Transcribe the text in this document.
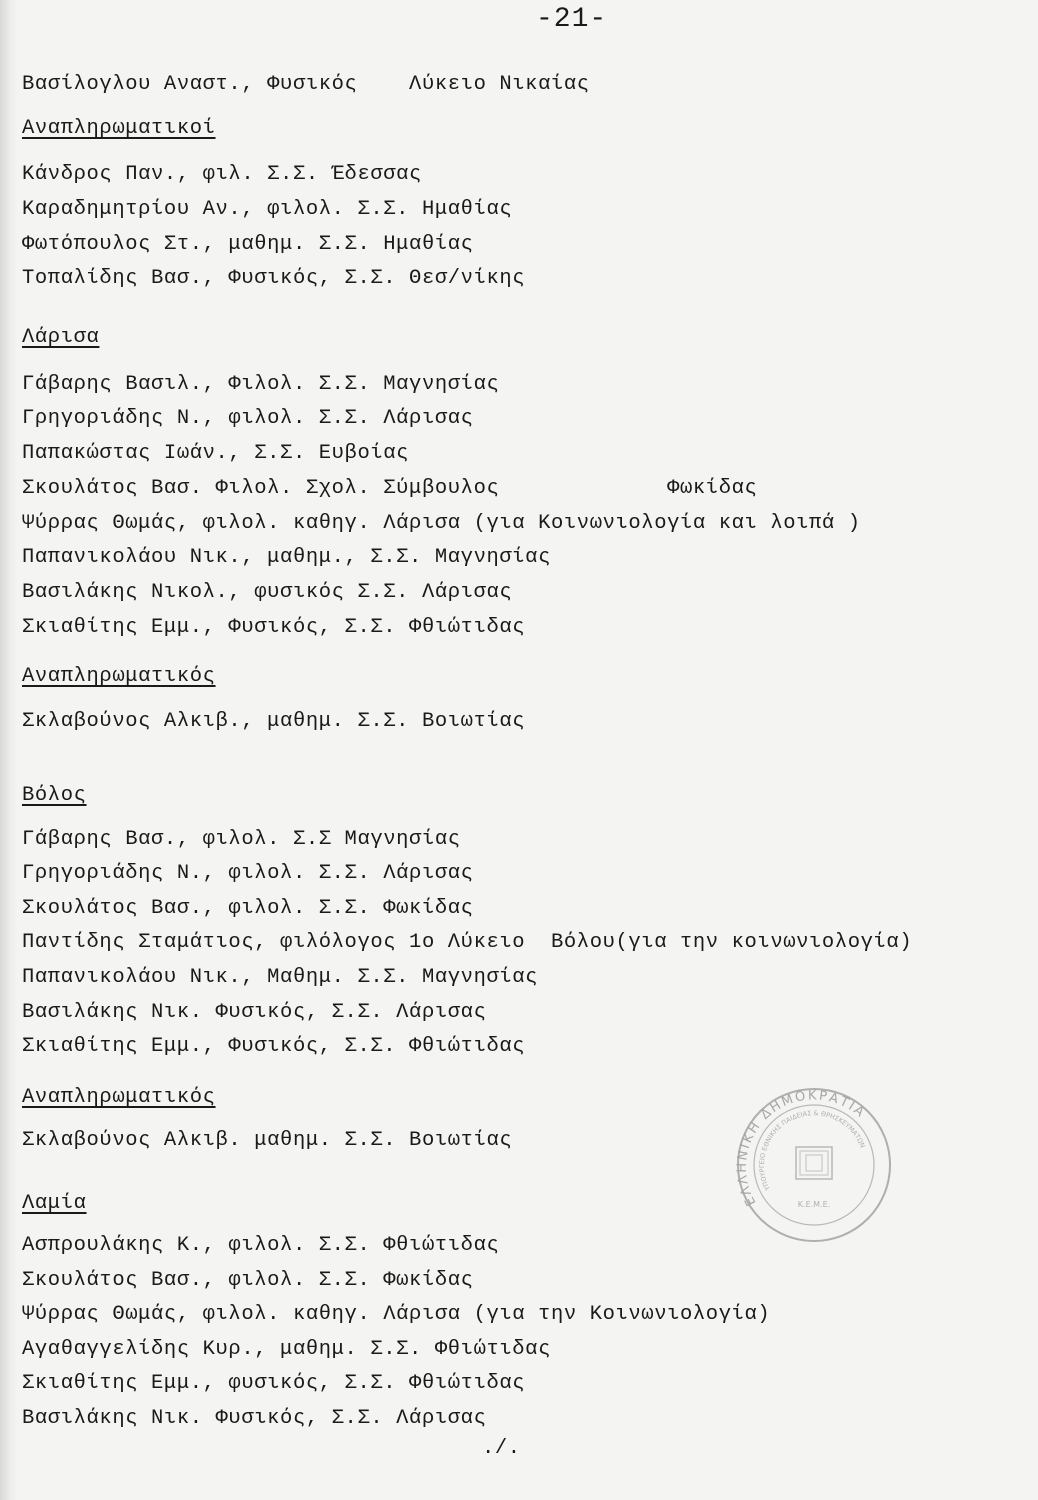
-21-
Βασίλογλου Αναστ., Φυσικός    Λύκειο Νικαίας
Αναπληρωματικοί
Κάνδρος Παν., φιλ. Σ.Σ. Έδεσσας
Καραδημητρίου Αν., φιλολ. Σ.Σ. Ημαθίας
Φωτόπουλος Στ., μαθημ. Σ.Σ. Ημαθίας
Τοπαλίδης Βασ., Φυσικός, Σ.Σ. Θεσ/νίκης
Λάρισα
Γάβαρης Βασιλ., Φιλολ. Σ.Σ. Μαγνησίας
Γρηγοριάδης Ν., φιλολ. Σ.Σ. Λάρισας
Παπακώστας Ιωάν., Σ.Σ. Ευβοίας
Σκουλάτος Βασ. Φιλολ. Σχολ. Σύμβουλος             Φωκίδας
Ψύρρας Θωμάς, φιλολ. καθηγ. Λάρισα (για Κοινωνιολογία και λοιπά )
Παπανικολάου Νικ., μαθημ., Σ.Σ. Μαγνησίας
Βασιλάκης Νικολ., φυσικός Σ.Σ. Λάρισας
Σκιαθίτης Εμμ., Φυσικός, Σ.Σ. Φθιώτιδας
Αναπληρωματικός
Σκλαβούνος Αλκιβ., μαθημ. Σ.Σ. Βοιωτίας
Βόλος
Γάβαρης Βασ., φιλολ. Σ.Σ Μαγνησίας
Γρηγοριάδης Ν., φιλολ. Σ.Σ. Λάρισας
Σκουλάτος Βασ., φιλολ. Σ.Σ. Φωκίδας
Παντίδης Σταμάτιος, φιλόλογος 1ο Λύκειο  Βόλου(για την κοινωνιολογία)
Παπανικολάου Νικ., Μαθημ. Σ.Σ. Μαγνησίας
Βασιλάκης Νικ. Φυσικός, Σ.Σ. Λάρισας
Σκιαθίτης Εμμ., Φυσικός, Σ.Σ. Φθιώτιδας
Αναπληρωματικός
Σκλαβούνος Αλκιβ. μαθημ. Σ.Σ. Βοιωτίας
Λαμία
Ασπρουλάκης Κ., φιλολ. Σ.Σ. Φθιώτιδας
Σκουλάτος Βασ., φιλολ. Σ.Σ. Φωκίδας
Ψύρρας Θωμάς, φιλολ. καθηγ. Λάρισα (για την Κοινωνιολογία)
Αγαθαγγελίδης Κυρ., μαθημ. Σ.Σ. Φθιώτιδας
Σκιαθίτης Εμμ., φυσικός, Σ.Σ. Φθιώτιδας
Βασιλάκης Νικ. Φυσικός, Σ.Σ. Λάρισας
./.
ΕΛΛΗΝΙΚΗ ΔΗΜΟΚΡΑΤΙΑ
ΥΠΟΥΡΓΕΙΟ ΕΘΝΙΚΗΣ ΠΑΙΔΕΙΑΣ & ΘΡΗΣΚΕΥΜΑΤΩΝ
Κ.Ε.Μ.Ε.
